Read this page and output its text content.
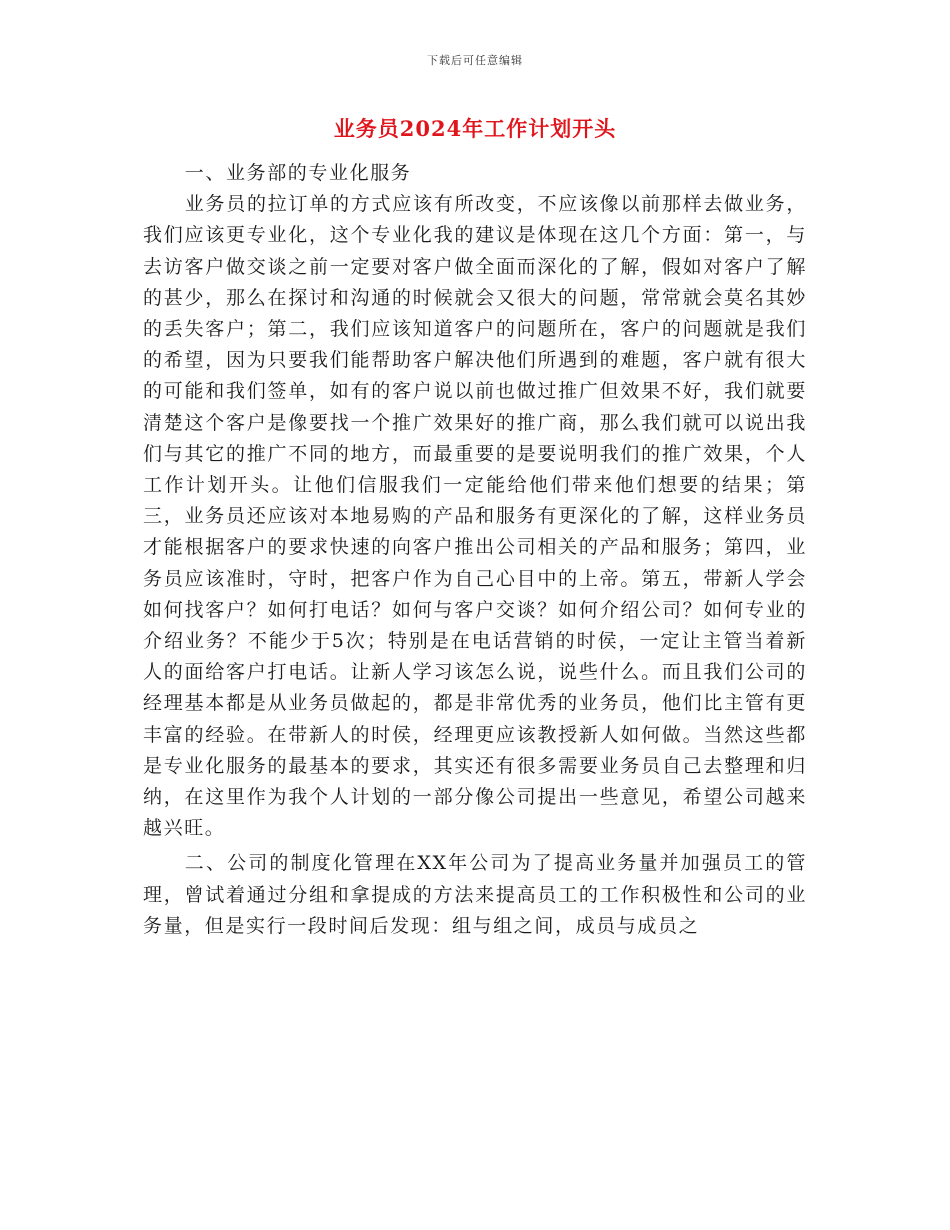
下载后可任意编辑
业务员2024年工作计划开头

一、业务部的专业化服务

业务员的拉订单的方式应该有所改变，不应该像以前那样去做业务，我们应该更专业化，这个专业化我的建议是体现在这几个方面：第一，与去访客户做交谈之前一定要对客户做全面而深化的了解，假如对客户了解的甚少，那么在探讨和沟通的时候就会又很大的问题，常常就会莫名其妙的丢失客户；第二，我们应该知道客户的问题所在，客户的问题就是我们的希望，因为只要我们能帮助客户解决他们所遇到的难题，客户就有很大的可能和我们签单，如有的客户说以前也做过推广但效果不好，我们就要清楚这个客户是像要找一个推广效果好的推广商，那么我们就可以说出我们与其它的推广不同的地方，而最重要的是要说明我们的推广效果，个人工作计划开头。让他们信服我们一定能给他们带来他们想要的结果；第三，业务员还应该对本地易购的产品和服务有更深化的了解，这样业务员才能根据客户的要求快速的向客户推出公司相关的产品和服务；第四，业务员应该准时，守时，把客户作为自己心目中的上帝。第五，带新人学会如何找客户？如何打电话？如何与客户交谈？如何介绍公司？如何专业的介绍业务？不能少于5次；特别是在电话营销的时侯，一定让主管当着新人的面给客户打电话。让新人学习该怎么说，说些什么。而且我们公司的经理基本都是从业务员做起的，都是非常优秀的业务员，他们比主管有更丰富的经验。在带新人的时侯，经理更应该教授新人如何做。当然这些都是专业化服务的最基本的要求，其实还有很多需要业务员自己去整理和归纳，在这里作为我个人计划的一部分像公司提出一些意见，希望公司越来越兴旺。

二、公司的制度化管理在XX年公司为了提高业务量并加强员工的管理，曾试着通过分组和拿提成的方法来提高员工的工作积极性和公司的业务量，但是实行一段时间后发现：组与组之间，成员与成员之
